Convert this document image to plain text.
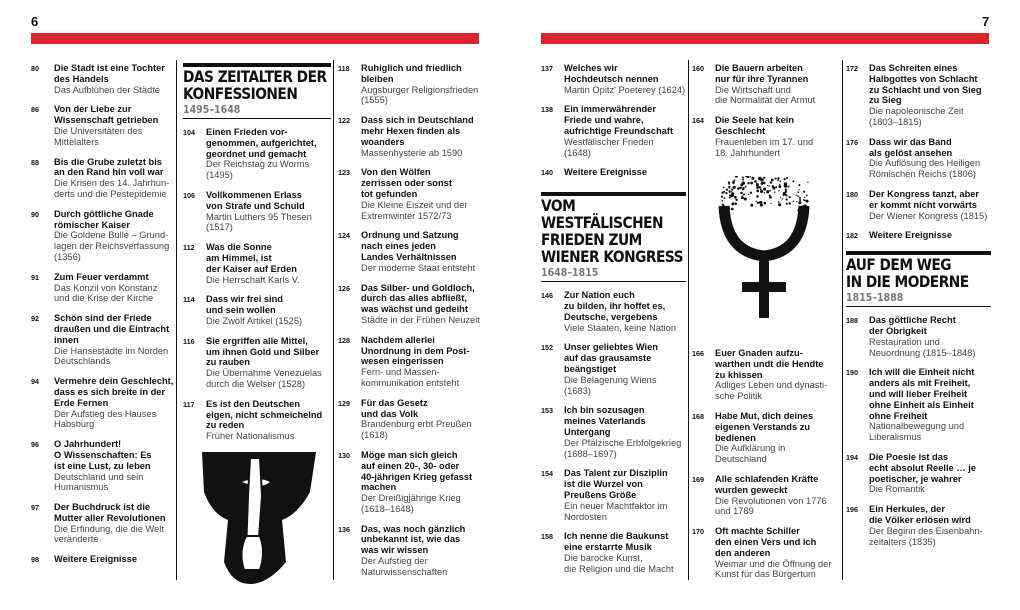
6	7
80 Die Stadt ist eine Tochter
des Handels
Das Aufblühen der Städte
86 Von der Liebe zur
Wissenschaft getrieben
Die Universitäten des
Mittelalters
88 Bis die Grube zuletzt bis
an den Rand hin voll war
Die Krisen des 14. Jahrhun-
derts und die Pestepidemie
90 Durch göttliche Gnade
römischer Kaiser
Die Goldene Bulle – Grund-
lagen der Reichsverfassung
(1356)
91 Zum Feuer verdammt
Das Konzil von Konstanz
und die Krise der Kirche
92 Schön sind der Friede
draußen und die Eintracht
innen
Die Hansestädte im Norden
Deutschlands
94 Vermehre dein Geschlecht,
dass es sich breite in der
Erde Fernen
Der Aufstieg des Hauses
Habsburg
96 O Jahrhundert!
O Wissenschaften: Es
ist eine Lust, zu leben
Deutschland und sein
Humanismus
97 Der Buchdruck ist die
Mutter aller Revolutionen
Die Erfindung, die die Welt
veränderte
98 Weitere Ereignisse
DAS ZEITALTER DER
KONFESSIONEN
1495–1648
104 Einen Frieden vor-
genommen, aufgerichtet,
geordnet und gemacht
Der Reichstag zu Worms
(1495)
106 Vollkommenen Erlass
von Strafe und Schuld
Martin Luthers 95 Thesen
(1517)
112 Was die Sonne
am Himmel, ist
der Kaiser auf Erden
Die Herrschaft Karls V.
114 Dass wir frei sind
und sein wollen
Die Zwölf Artikel (1525)
116 Sie ergriffen alle Mittel,
um ihnen Gold und Silber
zu rauben
Die Übernahme Venezuelas
durch die Welser (1528)
117 Es ist den Deutschen
eigen, nicht schmeichelnd
zu reden
Früher Nationalismus
118 Ruhiglich und friedlich
bleiben
Augsburger Religionsfrieden
(1555)
122 Dass sich in Deutschland
mehr Hexen finden als
woanders
Massenhysterie ab 1590
123 Von den Wölfen
zerrissen oder sonst
tot gefunden
Die Kleine Eiszeit und der
Extremwinter 1572/73
124 Ordnung und Satzung
nach eines jeden
Landes Verhältnissen
Der moderne Staat entsteht
126 Das Silber- und Goldloch,
durch das alles abfließt,
was wächst und gedeiht
Städte in der Frühen Neuzeit
128 Nachdem allerlei
Unordnung in dem Post-
wesen eingerissen
Fern- und Massen-
kommunikation entsteht
129 Für das Gesetz
und das Volk
Brandenburg erbt Preußen
(1618)
130 Möge man sich gleich
auf einen 20-, 30- oder
40-jährigen Krieg gefasst
machen
Der Dreißigjährige Krieg
(1618–1648)
136 Das, was noch gänzlich
unbekannt ist, wie das
was wir wissen
Der Aufstieg der
Naturwissenschaften
137 Welches wir
Hochdeutsch nennen
Martin Opitz' Poeterey (1624)
138 Ein immerwährender
Friede und wahre,
aufrichtige Freundschaft
Westfälischer Frieden
(1648)
140 Weitere Ereignisse
VOM WESTFÄLISCHEN
FRIEDEN ZUM
WIENER KONGRESS
1648–1815
146 Zur Nation euch
zu bilden, ihr hoffet es,
Deutsche, vergebens
Viele Staaten, keine Nation
152 Unser geliebtes Wien
auf das grausamste
beängstiget
Die Belagerung Wiens
(1683)
153 Ich bin sozusagen
meines Vaterlands
Untergang
Der Pfälzische Erbfolgekrieg
(1688–1697)
154 Das Talent zur Disziplin
ist die Wurzel von
Preußens Größe
Ein neuer Machtfaktor im
Nordosten
158 Ich nenne die Baukunst
eine erstarrte Musik
Die barocke Kunst,
die Religion und die Macht
160 Die Bauern arbeiten
nur für ihre Tyrannen
Die Wirtschaft und
die Normalität der Armut
164 Die Seele hat kein
Geschlecht
Frauenleben im 17. und
18. Jahrhundert
166 Euer Gnaden aufzu-
warthen undt die Hendte
zu khissen
Adliges Leben und dynasti-
sche Politik
168 Habe Mut, dich deines
eigenen Verstands zu
bedienen
Die Aufklärung in
Deutschland
169 Alle schlafenden Kräfte
wurden geweckt
Die Revolutionen von 1776
und 1789
170 Oft machte Schiller
den einen Vers und ich
den anderen
Weimar und die Öffnung der
Kunst für das Bürgertum
172 Das Schreiten eines
Halbgottes von Schlacht
zu Schlacht und von Sieg
zu Sieg
Die napoleonische Zeit
(1803–1815)
176 Dass wir das Band
als gelöst ansehen
Die Auflösung des Heiligen
Römischen Reichs (1806)
180 Der Kongress tanzt, aber
er kommt nicht vorwärts
Der Wiener Kongress (1815)
182 Weitere Ereignisse
AUF DEM WEG
IN DIE MODERNE
1815–1888
188 Das göttliche Recht
der Obrigkeit
Restauration und
Neuordnung (1815–1848)
190 Ich will die Einheit nicht
anders als mit Freiheit,
und will lieber Freiheit
ohne Einheit als Einheit
ohne Freiheit
Nationalbewegung und
Liberalismus
194 Die Poesie ist das
echt absolut Reelle … je
poetischer, je wahrer
Die Romantik
196 Ein Herkules, der
die Völker erlösen wird
Der Beginn des Eisenbahn-
zeitalters (1835)
